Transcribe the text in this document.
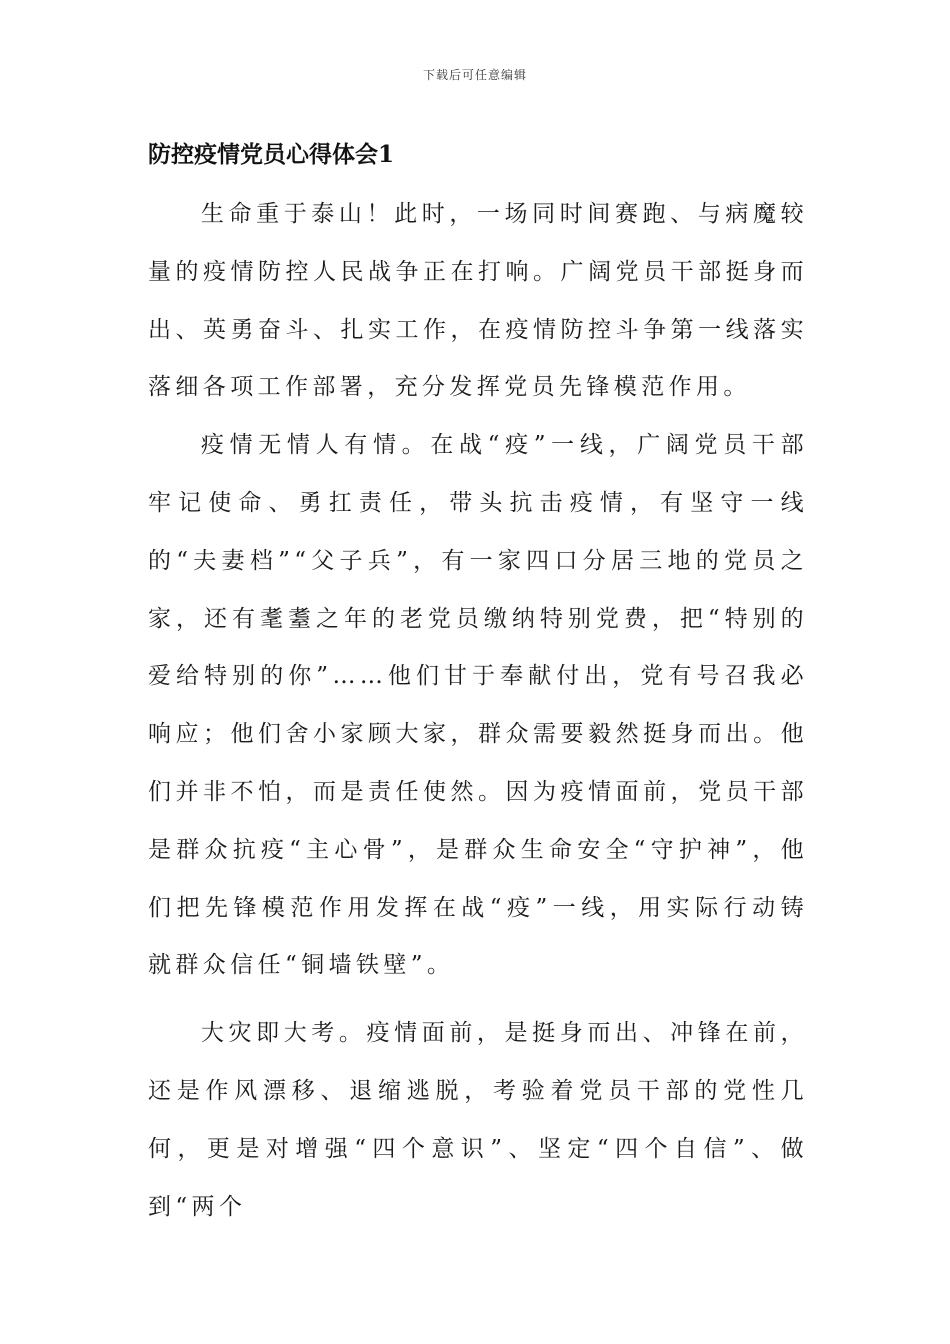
下载后可任意编辑
防控疫情党员心得体会1

生命重于泰山！此时，一场同时间赛跑、与病魔较量的疫情防控人民战争正在打响。广阔党员干部挺身而出、英勇奋斗、扎实工作，在疫情防控斗争第一线落实落细各项工作部署，充分发挥党员先锋模范作用。

疫情无情人有情。在战“疫”一线，广阔党员干部牢记使命、勇扛责任，带头抗击疫情，有坚守一线的“夫妻档”“父子兵”，有一家四口分居三地的党员之家，还有耄耋之年的老党员缴纳特别党费，把“特别的爱给特别的你”……他们甘于奉献付出，党有号召我必响应；他们舍小家顾大家，群众需要毅然挺身而出。他们并非不怕，而是责任使然。因为疫情面前，党员干部是群众抗疫“主心骨”，是群众生命安全“守护神”，他们把先锋模范作用发挥在战“疫”一线，用实际行动铸就群众信任“铜墙铁壁”。

大灾即大考。疫情面前，是挺身而出、冲锋在前，还是作风漂移、退缩逃脱，考验着党员干部的党性几何，更是对增强“四个意识”、坚定“四个自信”、做到“两个
